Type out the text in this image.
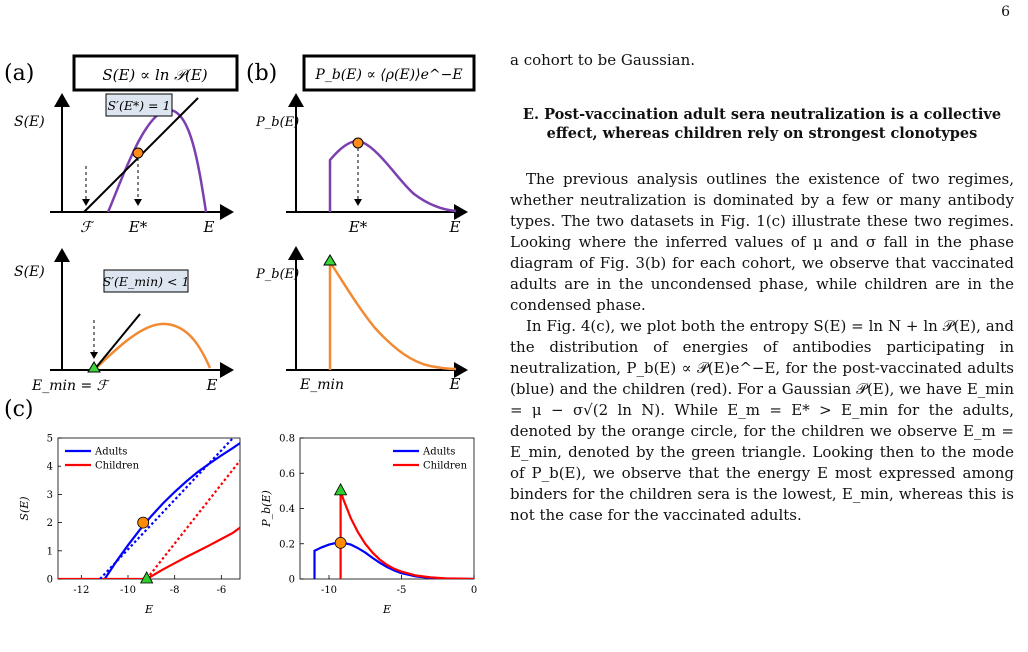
6
(a)	S(E) ∝ ln 𝒫(E)
S(E)
S′(E*) = 1
ℱ E*	E
S(E)
S′(E_min) < 1
E_min = ℱ	E
(b)	P_b(E) ∝ ⟨ρ(E)⟩e^−E
P_b(E)
E*	E
P_b(E)
E_min	E
(c)
-12	-10	-8	-6
0
1
2
3
4
5
E
S(E)
Adults
Children
-10	-5	0
0
0.2
0.4
0.6
0.8
E
P_b(E)
Adults
Children

a cohort to be Gaussian.

E. Post-vaccination adult sera neutralization is a collective effect, whereas children rely on strongest clonotypes

The previous analysis outlines the existence of two regimes, whether neutralization is dominated by a few or many antibody types. The two datasets in Fig. 1(c) illustrate these two regimes. Looking where the inferred values of μ and σ fall in the phase diagram of Fig. 3(b) for each cohort, we observe that vaccinated adults are in the uncondensed phase, while children are in the condensed phase.

In Fig. 4(c), we plot both the entropy S(E) = ln N + ln 𝒫(E), and the distribution of energies of antibodies participating in neutralization, P_b(E) ∝ 𝒫(E)e^−E, for the post-vaccinated adults (blue) and the children (red). For a Gaussian 𝒫(E), we have E_min = μ − σ√(2 ln N). While E_m = E* > E_min for the adults, denoted by the orange circle, for the children we observe E_m = E_min, denoted by the green triangle. Looking then to the mode of P_b(E), we observe that the energy E most expressed among binders for the children sera is the lowest, E_min, whereas this is not the case for the vaccinated adults.
